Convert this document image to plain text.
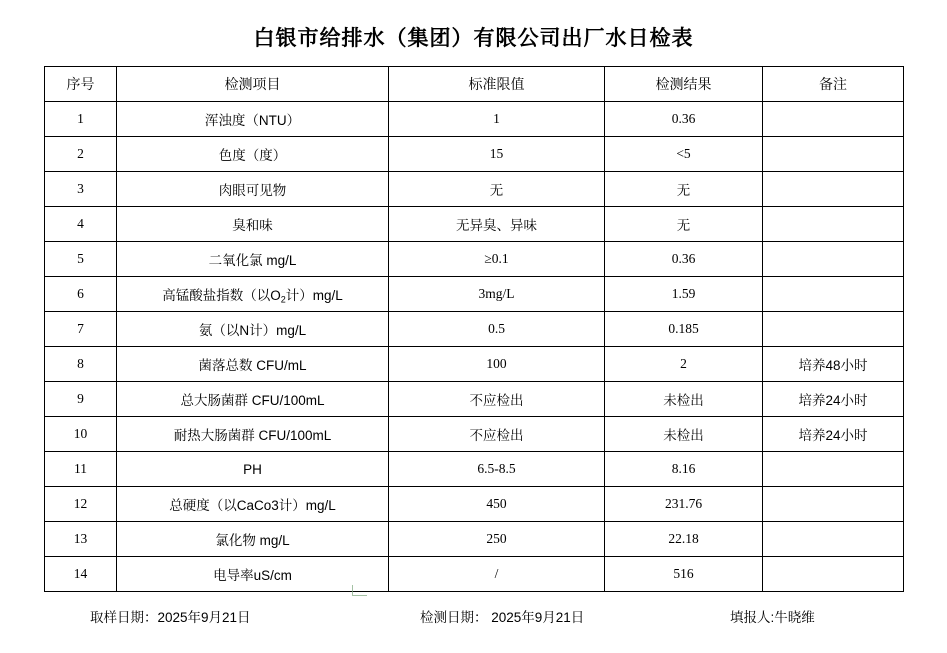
白银市给排水（集团）有限公司出厂水日检表
序号	检测项目	标准限值	检测结果	备注
1	浑浊度（NTU）	1	0.36	
2	色度（度）	15	<5	
3	肉眼可见物	无	无	
4	臭和味	无异臭、异味	无	
5	二氧化氯 mg/L	≥0.1	0.36	
6	高锰酸盐指数（以$O_2$计）mg/L	3mg/L	1.59	
7	氨（以N计）mg/L	0.5	0.185	
8	菌落总数 CFU/mL	100	2	培养48小时
9	总大肠菌群 CFU/100mL	不应检出	未检出	培养24小时
10	耐热大肠菌群 CFU/100mL	不应检出	未检出	培养24小时
11	PH	6.5-8.5	8.16	
12	总硬度（以CaCo3计）mg/L	450	231.76	
13	氯化物 mg/L	250	22.18	
14	电导率uS/cm	/	516	
取样日期：2025年9月21日	检测日期： 2025年9月21日	填报人:牛晓维
